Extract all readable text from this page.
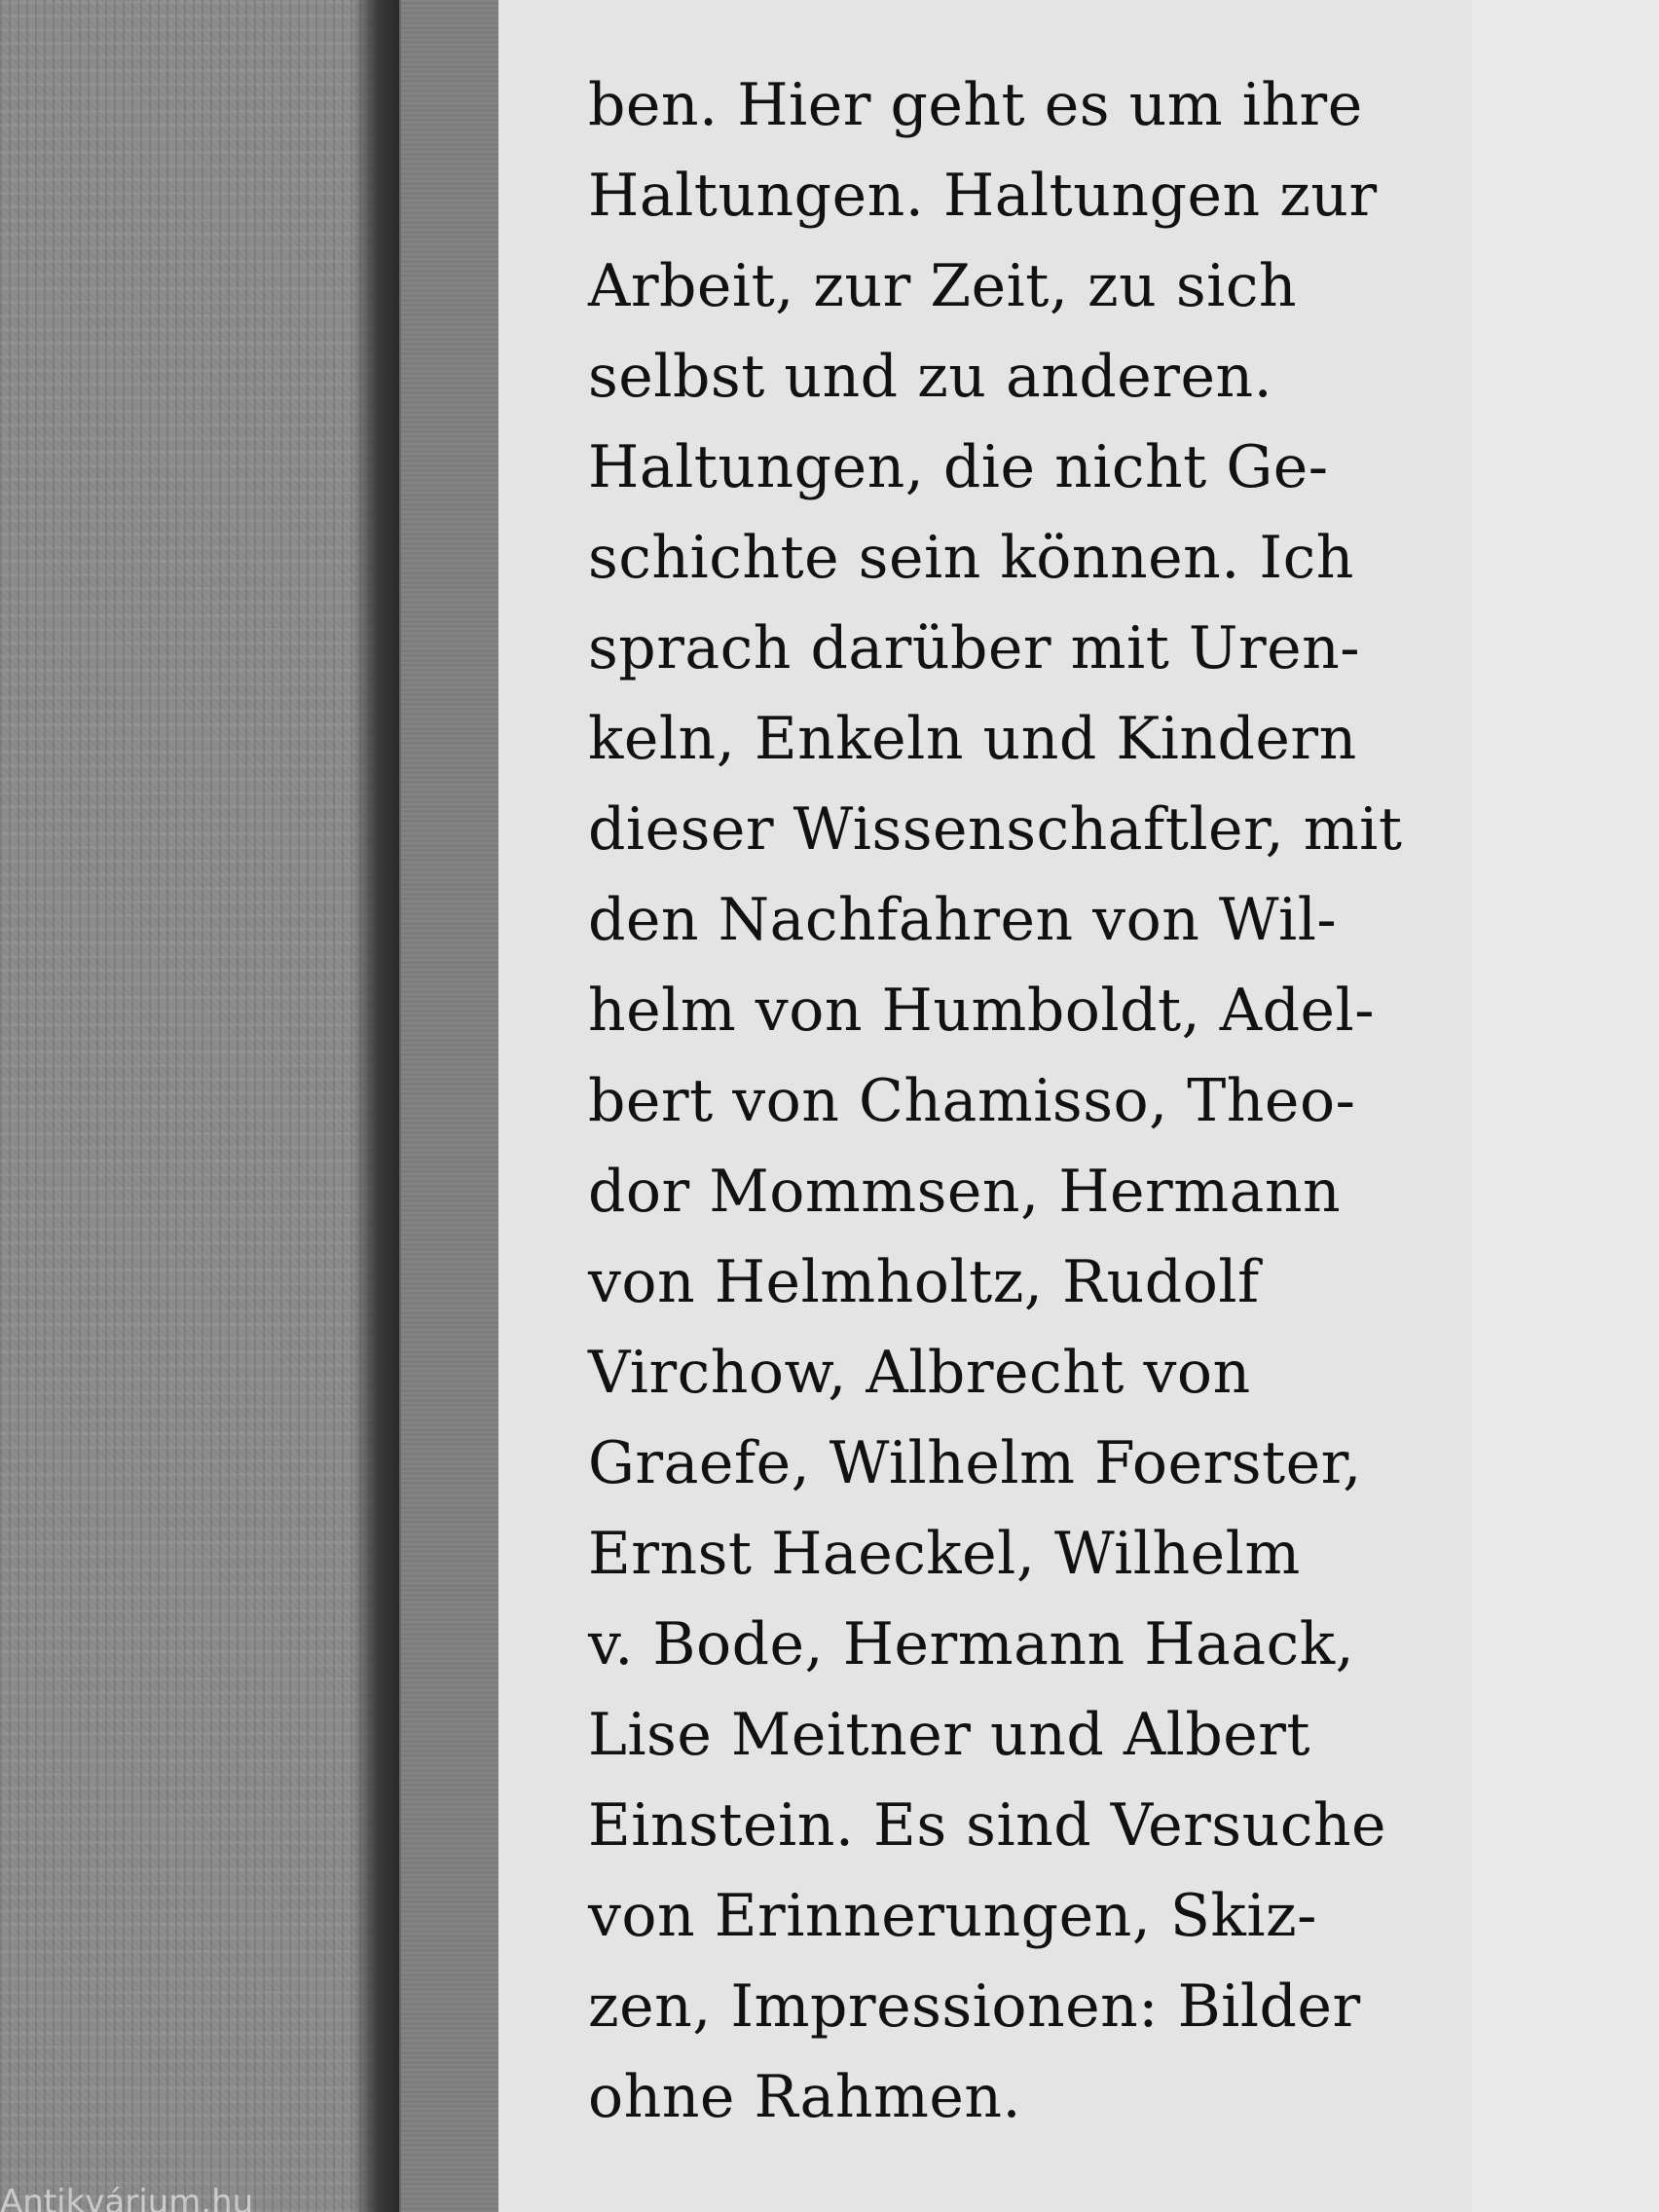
ben. Hier geht es um ihre
Haltungen. Haltungen zur
Arbeit, zur Zeit, zu sich
selbst und zu anderen.
Haltungen, die nicht Ge-
schichte sein können. Ich
sprach darüber mit Uren-
keln, Enkeln und Kindern
dieser Wissenschaftler, mit
den Nachfahren von Wil-
helm von Humboldt, Adel-
bert von Chamisso, Theo-
dor Mommsen, Hermann
von Helmholtz, Rudolf
Virchow, Albrecht von
Graefe, Wilhelm Foerster,
Ernst Haeckel, Wilhelm
v. Bode, Hermann Haack,
Lise Meitner und Albert
Einstein. Es sind Versuche
von Erinnerungen, Skiz-
zen, Impressionen: Bilder
ohne Rahmen.
Antikvárium.hu
